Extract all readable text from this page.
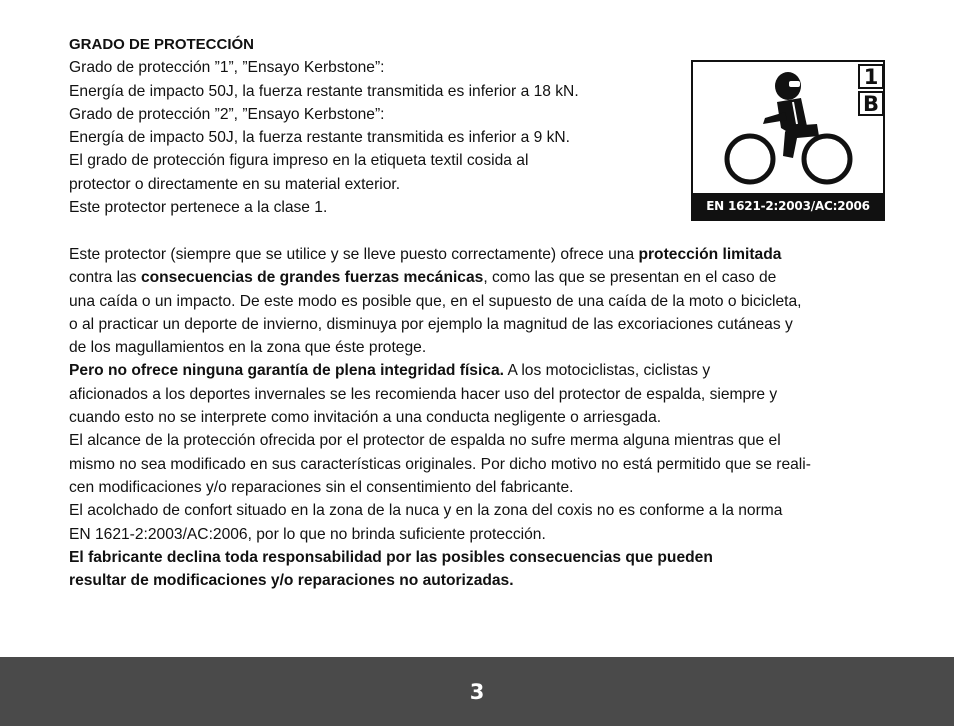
GRADO DE PROTECCIÓN
Grado de protección ”1”, ”Ensayo Kerbstone”:
Energía de impacto 50J, la fuerza restante transmitida es inferior a 18 kN.
Grado de protección ”2”, ”Ensayo Kerbstone”:
Energía de impacto 50J, la fuerza restante transmitida es inferior a 9 kN.
El grado de protección figura impreso en la etiqueta textil cosida al
protector o directamente en su material exterior.
Este protector pertenece a la clase 1.
1
B
EN 1621-2:2003/AC:2006

Este protector (siempre que se utilice y se lleve puesto correctamente) ofrece una protección limitada
contra las consecuencias de grandes fuerzas mecánicas, como las que se presentan en el caso de
una caída o un impacto. De este modo es posible que, en el supuesto de una caída de la moto o bicicleta,
o al practicar un deporte de invierno, disminuya por ejemplo la magnitud de las excoriaciones cutáneas y
de los magullamientos en la zona que éste protege.

Pero no ofrece ninguna garantía de plena integridad física. A los motociclistas, ciclistas y
aficionados a los deportes invernales se les recomienda hacer uso del protector de espalda, siempre y
cuando esto no se interprete como invitación a una conducta negligente o arriesgada.

El alcance de la protección ofrecida por el protector de espalda no sufre merma alguna mientras que el
mismo no sea modificado en sus características originales. Por dicho motivo no está permitido que se reali-
cen modificaciones y/o reparaciones sin el consentimiento del fabricante.

El acolchado de confort situado en la zona de la nuca y en la zona del coxis no es conforme a la norma
EN 1621-2:2003/AC:2006, por lo que no brinda suficiente protección.

El fabricante declina toda responsabilidad por las posibles consecuencias que pueden
resultar de modificaciones y/o reparaciones no autorizadas.

3
